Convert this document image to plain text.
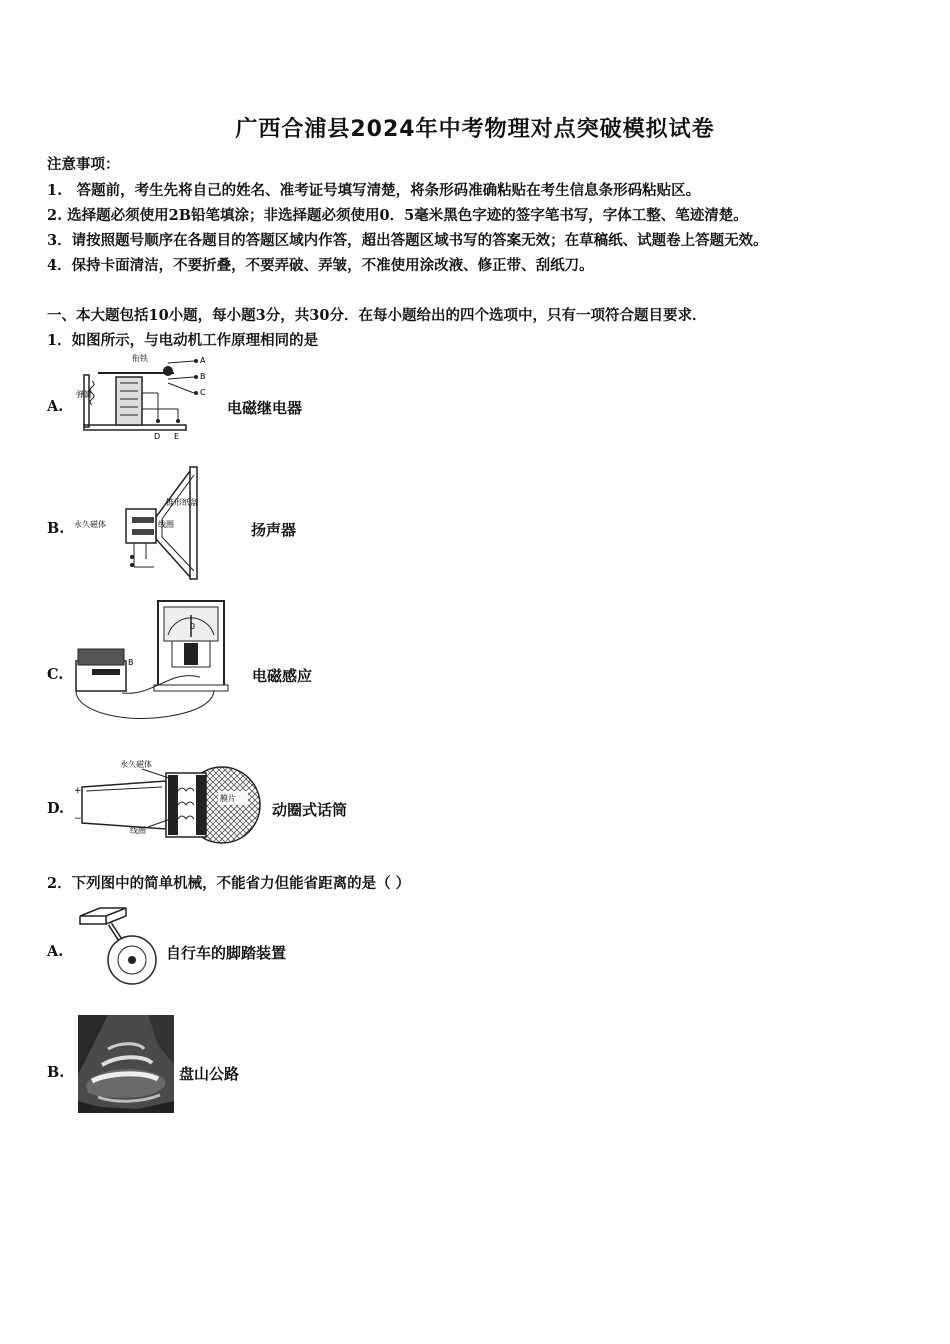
广西合浦县2024年中考物理对点突破模拟试卷
注意事项：
1.　答题前，考生先将自己的姓名、准考证号填写清楚，将条形码准确粘贴在考生信息条形码粘贴区。
2. 选择题必须使用2B铅笔填涂；非选择题必须使用0．5毫米黑色字迹的签字笔书写，字体工整、笔迹清楚。
3．请按照题号顺序在各题目的答题区域内作答，超出答题区域书写的答案无效；在草稿纸、试题卷上答题无效。
4．保持卡面清洁，不要折叠，不要弄破、弄皱，不准使用涂改液、修正带、刮纸刀。
一、本大题包括10小题，每小题3分，共30分．在每小题给出的四个选项中，只有一项符合题目要求．
1．如图所示，与电动机工作原理相同的是
A.
衔铁
弹簧
A
B
C
D E
电磁继电器
B.
锥形纸盆
永久磁体	线圈	扬声器
C.
0
B
电磁感应
D.
膜片
永久磁体
线圈
+
−	动圈式话筒
2．下列图中的简单机械，不能省力但能省距离的是（ ）
A.	自行车的脚踏装置
B.	盘山公路
